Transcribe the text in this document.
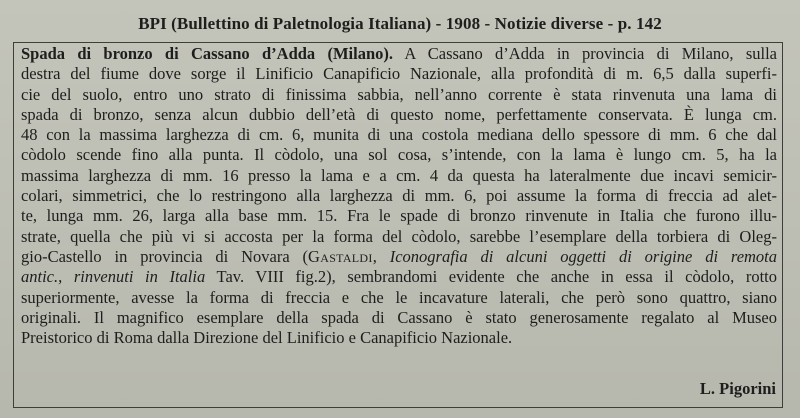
BPI (Bullettino di Paletnologia Italiana) - 1908 - Notizie diverse - p. 142
Spada di bronzo di Cassano d’Adda (Milano). A Cassano d’Adda in provincia di Milano, sulla
destra del fiume dove sorge il Linificio Canapificio Nazionale, alla profondità di m. 6,5 dalla superfi-
cie del suolo, entro uno strato di finissima sabbia, nell’anno corrente è stata rinvenuta una lama di
spada di bronzo, senza alcun dubbio dell’età di questo nome, perfettamente conservata. È lunga cm.
48 con la massima larghezza di cm. 6, munita di una costola mediana dello spessore di mm. 6 che dal
còdolo scende fino alla punta. Il còdolo, una sol cosa, s’intende, con la lama è lungo cm. 5, ha la
massima larghezza di mm. 16 presso la lama e a cm. 4 da questa ha lateralmente due incavi semicir-
colari, simmetrici, che lo restringono alla larghezza di mm. 6, poi assume la forma di freccia ad alet-
te, lunga mm. 26, larga alla base mm. 15. Fra le spade di bronzo rinvenute in Italia che furono illu-
strate, quella che più vi si accosta per la forma del còdolo, sarebbe l’esemplare della torbiera di Oleg-
gio-Castello in provincia di Novara (Gastaldi, Iconografia di alcuni oggetti di origine di remota
antic., rinvenuti in Italia Tav. VIII fig.2), sembrandomi evidente che anche in essa il còdolo, rotto
superiormente, avesse la forma di freccia e che le incavature laterali, che però sono quattro, siano
originali. Il magnifico esemplare della spada di Cassano è stato generosamente regalato al Museo
Preistorico di Roma dalla Direzione del Linificio e Canapificio Nazionale.
L. Pigorini
